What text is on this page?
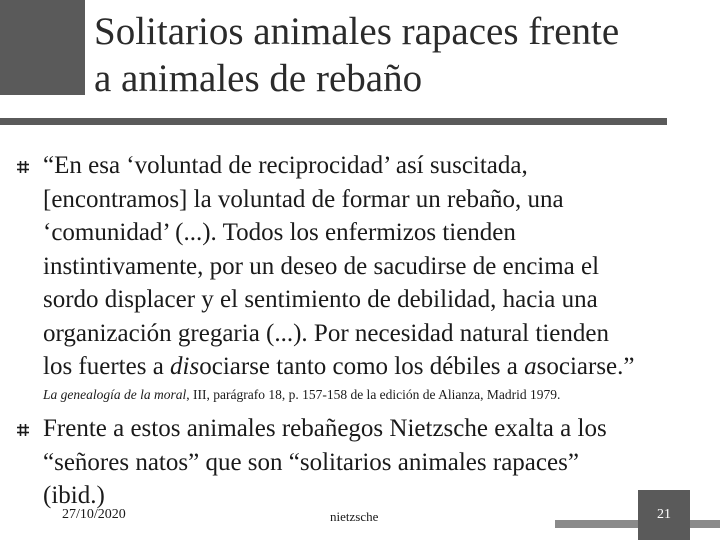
Solitarios animales rapaces frente
a animales de rebaño
“En esa ‘voluntad de reciprocidad’ así suscitada,
[encontramos] la voluntad de formar un rebaño, una
‘comunidad’ (...). Todos los enfermizos tienden
instintivamente, por un deseo de sacudirse de encima el
sordo displacer y el sentimiento de debilidad, hacia una
organización gregaria (...). Por necesidad natural tienden
los fuertes a disociarse tanto como los débiles a asociarse.”
La genealogía de la moral, III, parágrafo 18, p. 157-158 de la edición de Alianza, Madrid 1979.
Frente a estos animales rebañegos Nietzsche exalta a los
“señores natos” que son “solitarios animales rapaces”
(ibid.)
27/10/2020	nietzsche	21
